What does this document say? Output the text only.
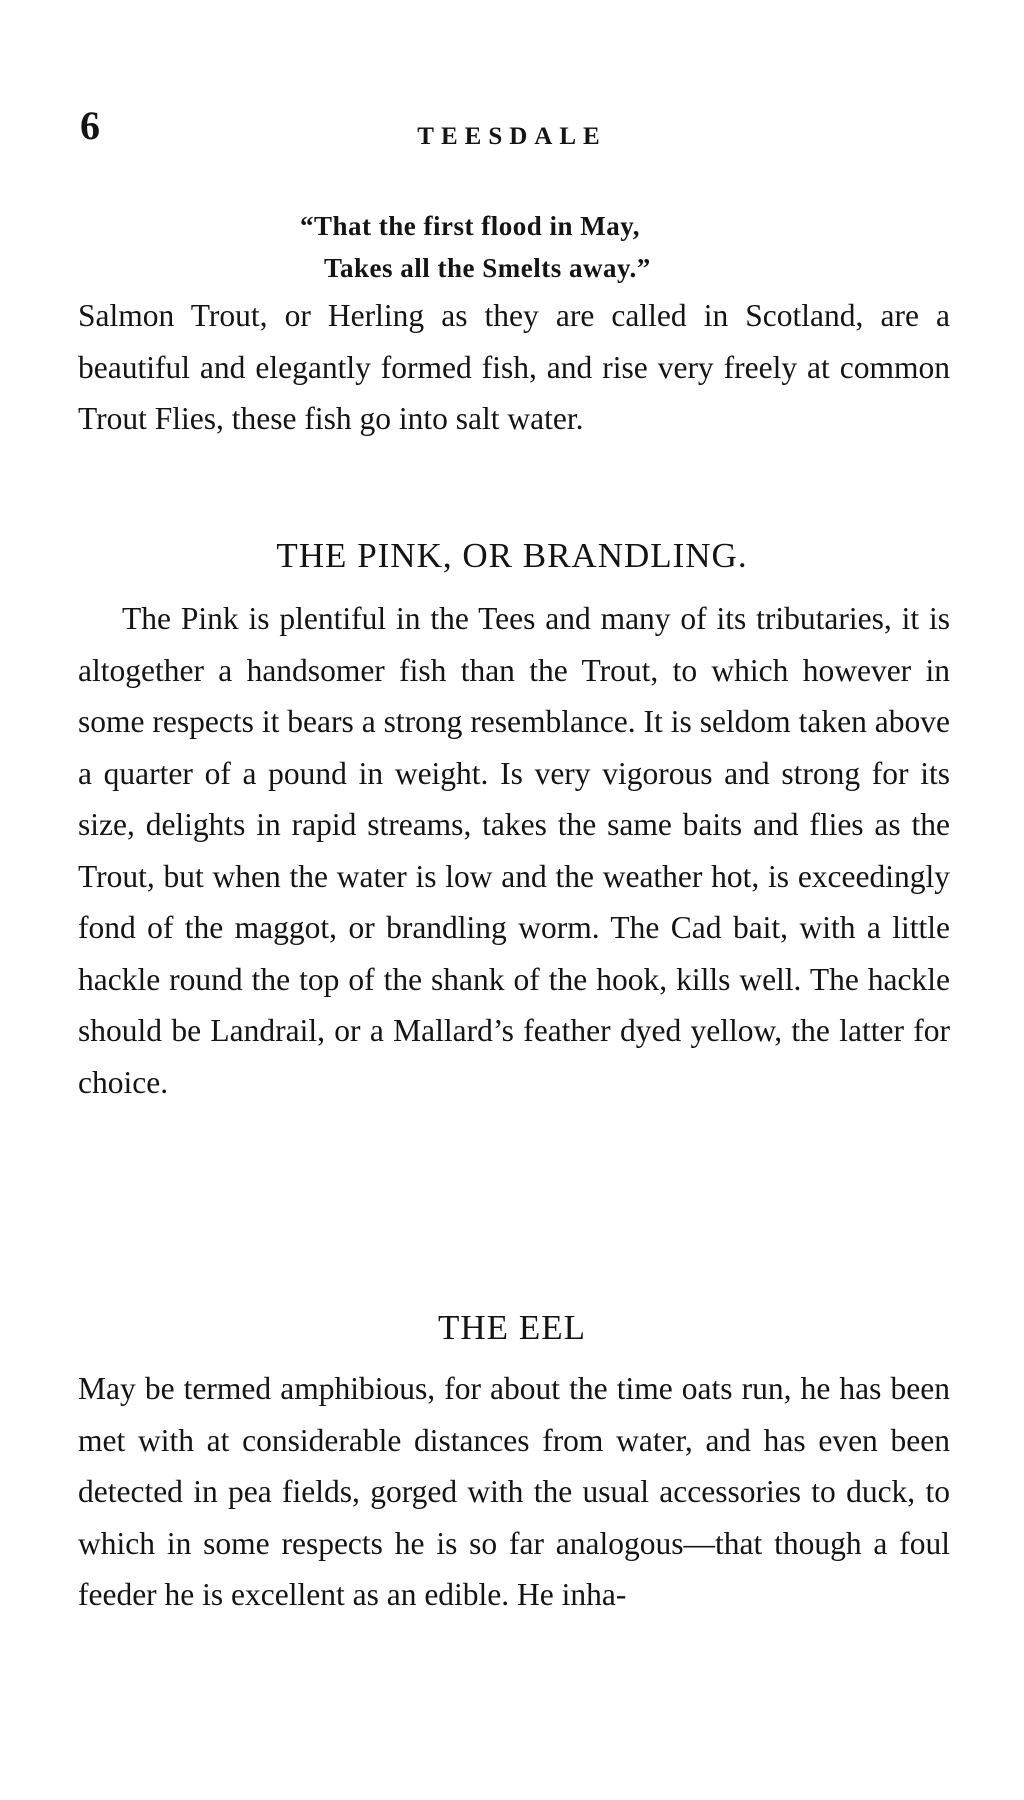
6	TEESDALE
“That the first flood in May,
Takes all the Smelts away.”

Salmon Trout, or Herling as they are called in Scotland, are a beautiful and elegantly formed fish, and rise very freely at common Trout Flies, these fish go into salt water.

THE PINK, OR BRANDLING.

The Pink is plentiful in the Tees and many of its tributaries, it is altogether a handsomer fish than the Trout, to which however in some respects it bears a strong resemblance. It is seldom taken above a quarter of a pound in weight. Is very vigorous and strong for its size, delights in rapid streams, takes the same baits and flies as the Trout, but when the water is low and the weather hot, is exceedingly fond of the maggot, or brandling worm. The Cad bait, with a little hackle round the top of the shank of the hook, kills well. The hackle should be Landrail, or a Mallard’s feather dyed yellow, the latter for choice.

THE EEL

May be termed amphibious, for about the time oats run, he has been met with at considerable distances from water, and has even been detected in pea fields, gorged with the usual accessories to duck, to which in some respects he is so far analogous—that though a foul feeder he is excellent as an edible. He inha-
